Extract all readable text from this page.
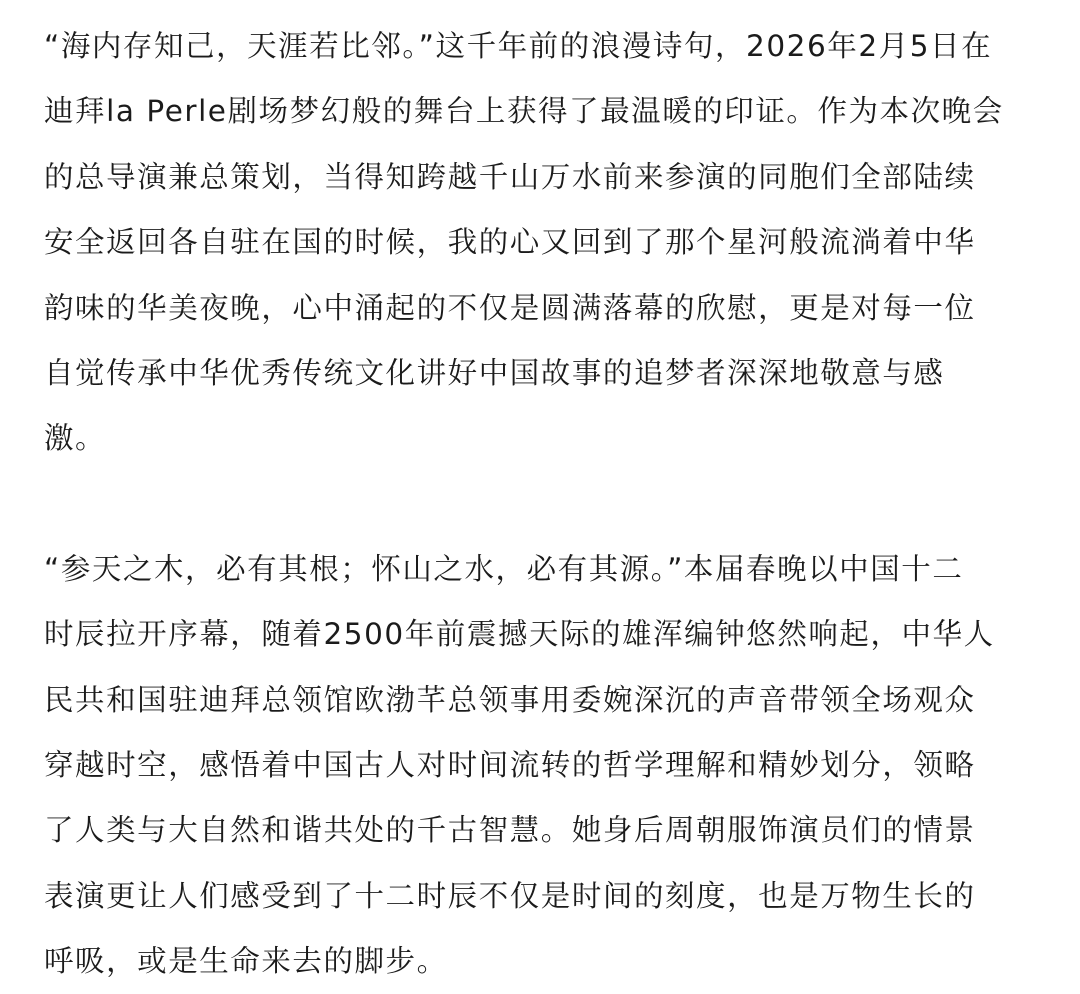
“海内存知己，天涯若比邻。”这千年前的浪漫诗句，2026年2月5日在
迪拜la Perle剧场梦幻般的舞台上获得了最温暖的印证。作为本次晚会
的总导演兼总策划，当得知跨越千山万水前来参演的同胞们全部陆续
安全返回各自驻在国的时候，我的心又回到了那个星河般流淌着中华
韵味的华美夜晚，心中涌起的不仅是圆满落幕的欣慰，更是对每一位
自觉传承中华优秀传统文化讲好中国故事的追梦者深深地敬意与感
激。
“参天之木，必有其根；怀山之水，必有其源。”本届春晚以中国十二
时辰拉开序幕，随着2500年前震撼天际的雄浑编钟悠然响起，中华人
民共和国驻迪拜总领馆欧渤芊总领事用委婉深沉的声音带领全场观众
穿越时空，感悟着中国古人对时间流转的哲学理解和精妙划分，领略
了人类与大自然和谐共处的千古智慧。她身后周朝服饰演员们的情景
表演更让人们感受到了十二时辰不仅是时间的刻度，也是万物生长的
呼吸，或是生命来去的脚步。
